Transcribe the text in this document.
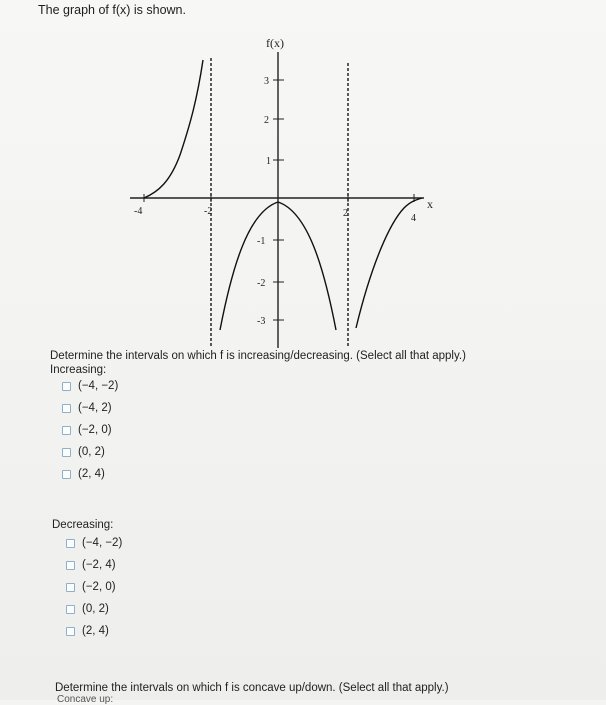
The graph of f(x) is shown.
f(x)
x
-4	-2	2	4
3
2
1
-1
-2
-3
Determine the intervals on which f is increasing/decreasing. (Select all that apply.)
Increasing:
(−4, −2)
(−4, 2)
(−2, 0)
(0, 2)
(2, 4)
Decreasing:
(−4, −2)
(−2, 4)
(−2, 0)
(0, 2)
(2, 4)
Determine the intervals on which f is concave up/down. (Select all that apply.)
Concave up:
